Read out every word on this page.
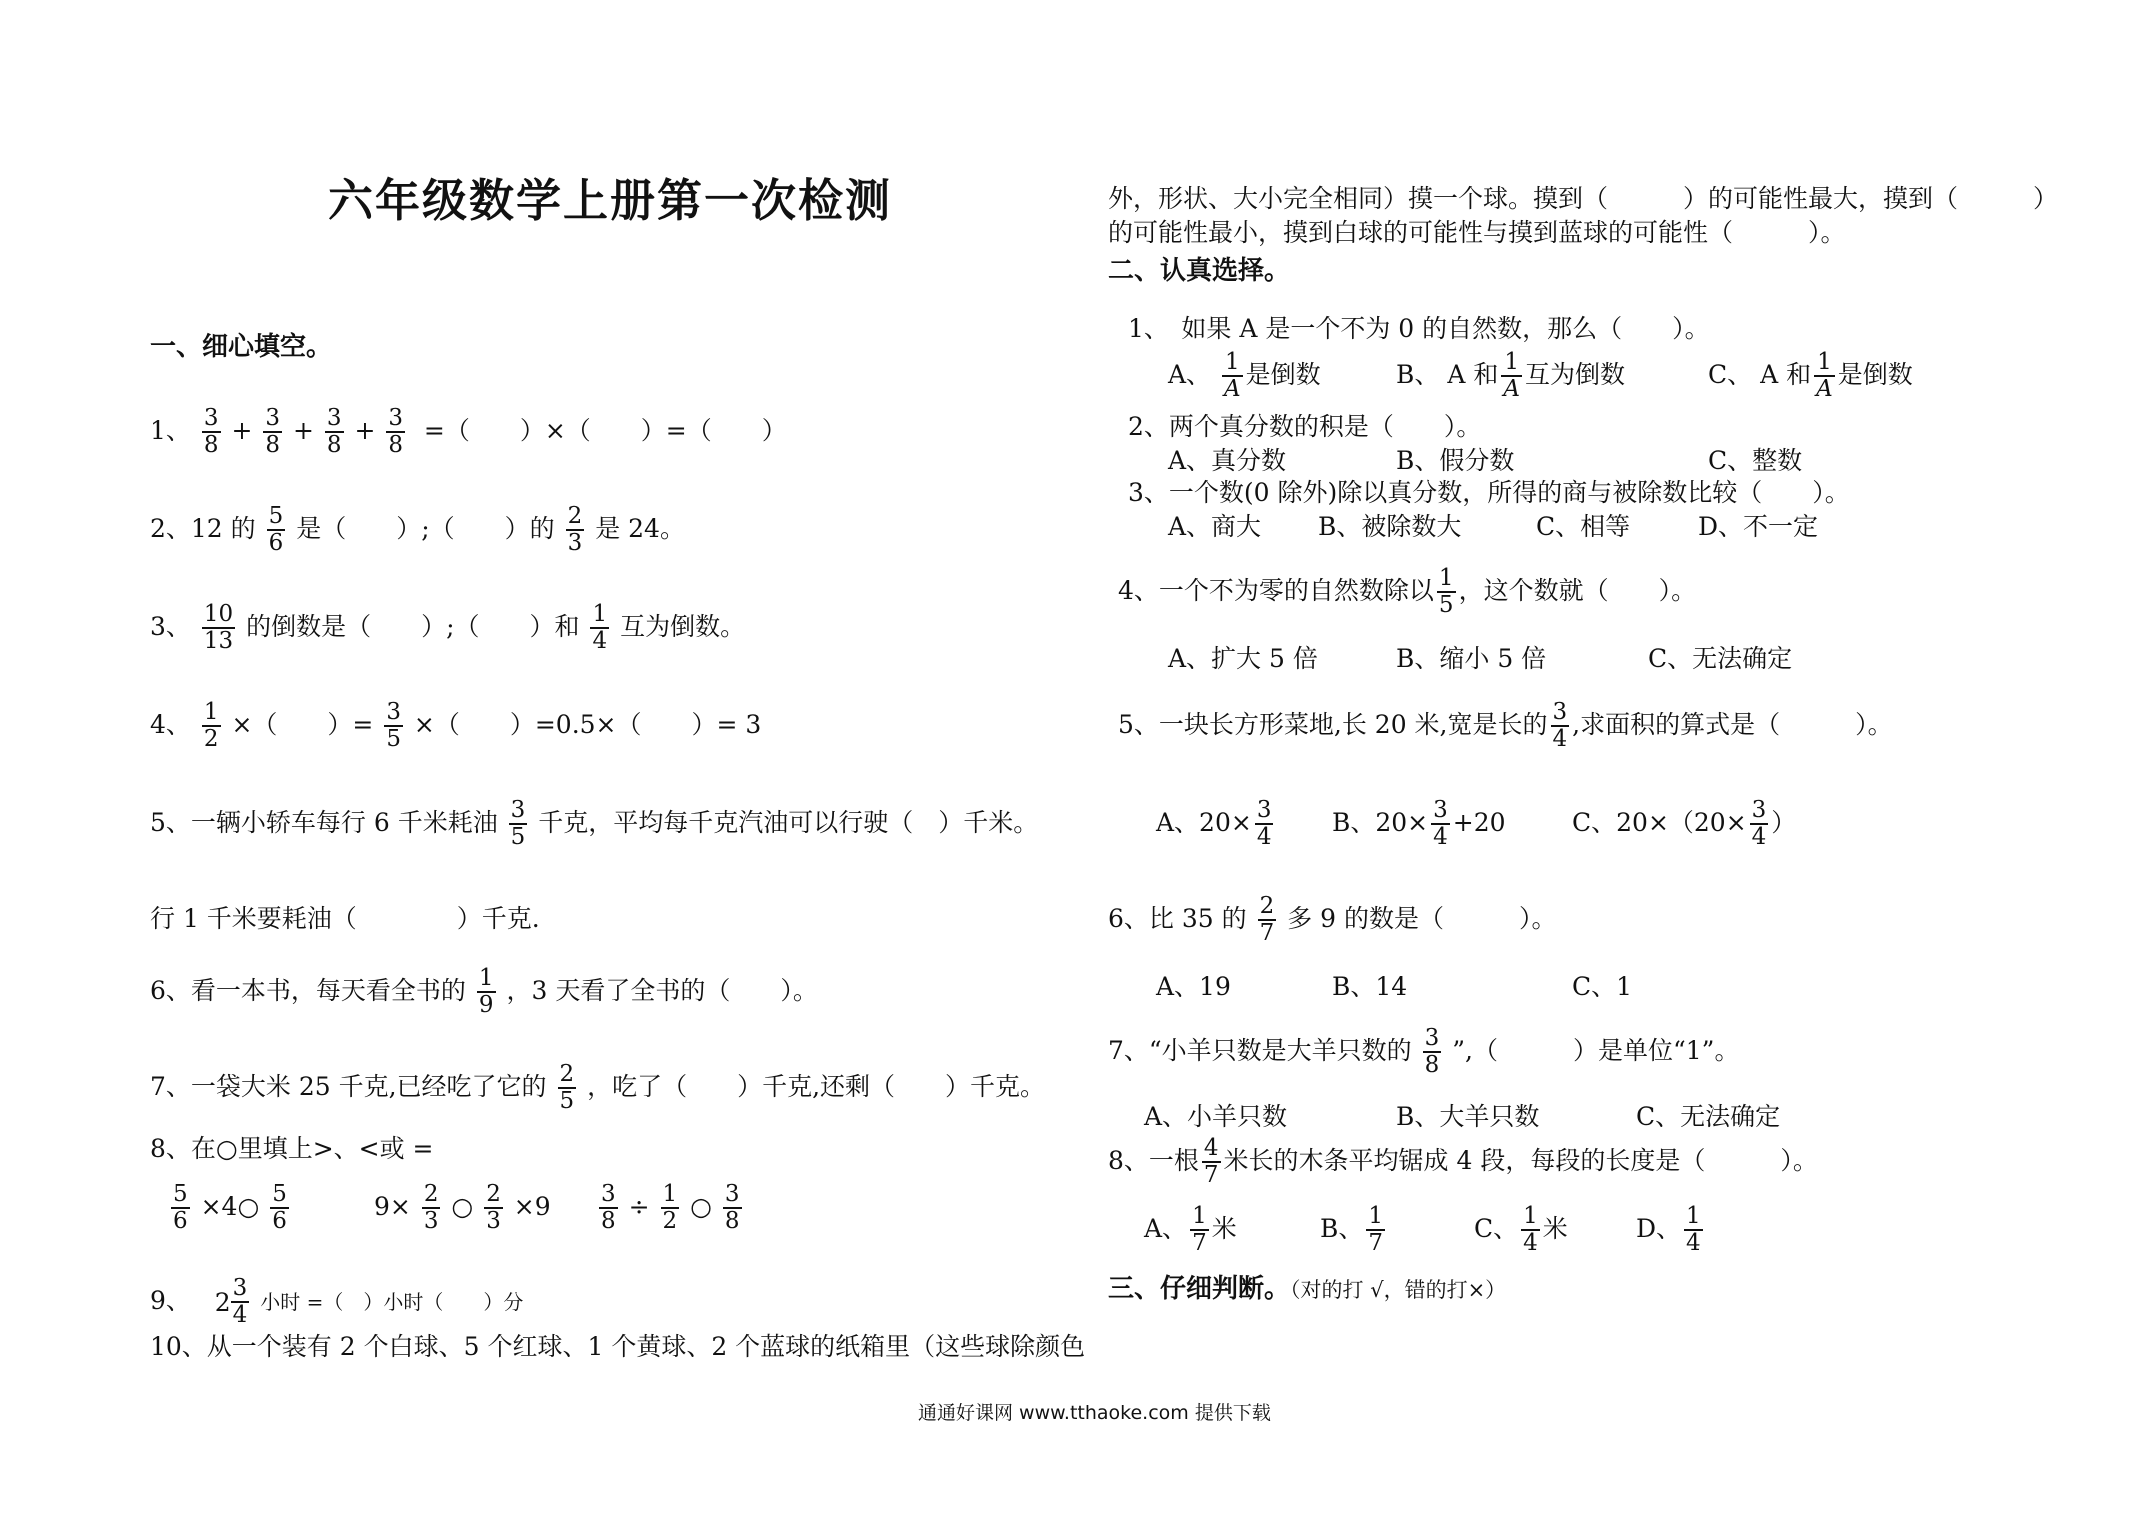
六年级数学上册第一次检测
一、细心填空。
1、 $\frac{3}{8} + \frac{3}{8} + \frac{3}{8} + \frac{3}{8}$ =（　　）×（　　）=（　　）
2、12 的 $\frac{5}{6}$ 是（　　）;（　　）的 $\frac{2}{3}$ 是 24。
3、 $\frac{10}{13}$ 的倒数是（　　）;（　　）和 $\frac{1}{4}$ 互为倒数。
4、 $\frac{1}{2}$ ×（　　）= $\frac{3}{5}$ ×（　　）=0.5×（　　）= 3
5、一辆小轿车每行 6 千米耗油 $\frac{3}{5}$ 千克，平均每千克汽油可以行驶（　）千米。
行 1 千米要耗油（　　　　）千克.
6、看一本书，每天看全书的 $\frac{1}{9}$ ，3 天看了全书的（　　）。
7、一袋大米 25 千克,已经吃了它的 $\frac{2}{5}$ ，吃了（　　）千克,还剩（　　）千克。
8、在○里填上>、<或 =
$\frac{5}{6}$ ×4○ $\frac{5}{6}$	$9\times \frac{2}{3}$ ○ $\frac{2}{3} \times 9 \frac{3}{8} \div \frac{1}{2}$ ○ $\frac{3}{8}$
9、 $2 \frac{3}{4}$ 小时 =（　）小时（　　）分
10、从一个装有 2 个白球、5 个红球、1 个黄球、2 个蓝球的纸箱里（这些球除颜色
外，形状、大小完全相同）摸一个球。摸到（　　　）的可能性最大，摸到（　　　）
的可能性最小，摸到白球的可能性与摸到蓝球的可能性（　　　）。
二、认真选择。
1、　如果 A 是一个不为 0 的自然数，那么（　　）。
A、 $\frac{1}{A}$ 是倒数	B、 A 和 $\frac{1}{A}$ 互为倒数	C、 A 和 $\frac{1}{A}$ 是倒数
2、两个真分数的积是（　　）。
A、真分数	B、假分数	C、整数
3、一个数(0 除外)除以真分数，所得的商与被除数比较（　　）。
A、商大 B、被除数大	C、相等	D、不一定
4、一个不为零的自然数除以 $\frac{1}{5}$ ，这个数就（　　）。
A、扩大 5 倍	B、缩小 5 倍	C、无法确定
5、一块长方形菜地,长 20 米,宽是长的 $\frac{3}{4}$ ,求面积的算式是（　　　）。
A、$20\times \frac{3}{4}$ B、$20\times \frac{3}{4} +20$	C、$20\times(20\times \frac{3}{4}$ ）
6、比 35 的 $\frac{2}{7}$ 多 9 的数是（　　　）。
A、19	B、14	C、1
7、“小羊只数是大羊只数的 $\frac{3}{8}$ ”,（　　　）是单位“1”。
A、小羊只数	B、大羊只数	C、无法确定
8、一根 $\frac{4}{7}$ 米长的木条平均锯成 4 段，每段的长度是（　　　）。
A、 $\frac{1}{7}$ 米	B、 $\frac{1}{7}$	C、 $\frac{1}{4}$ 米	D、 $\frac{1}{4}$
三、仔细判断。（对的打 √，错的打×）
通通好课网 www.tthaoke.com 提供下载
